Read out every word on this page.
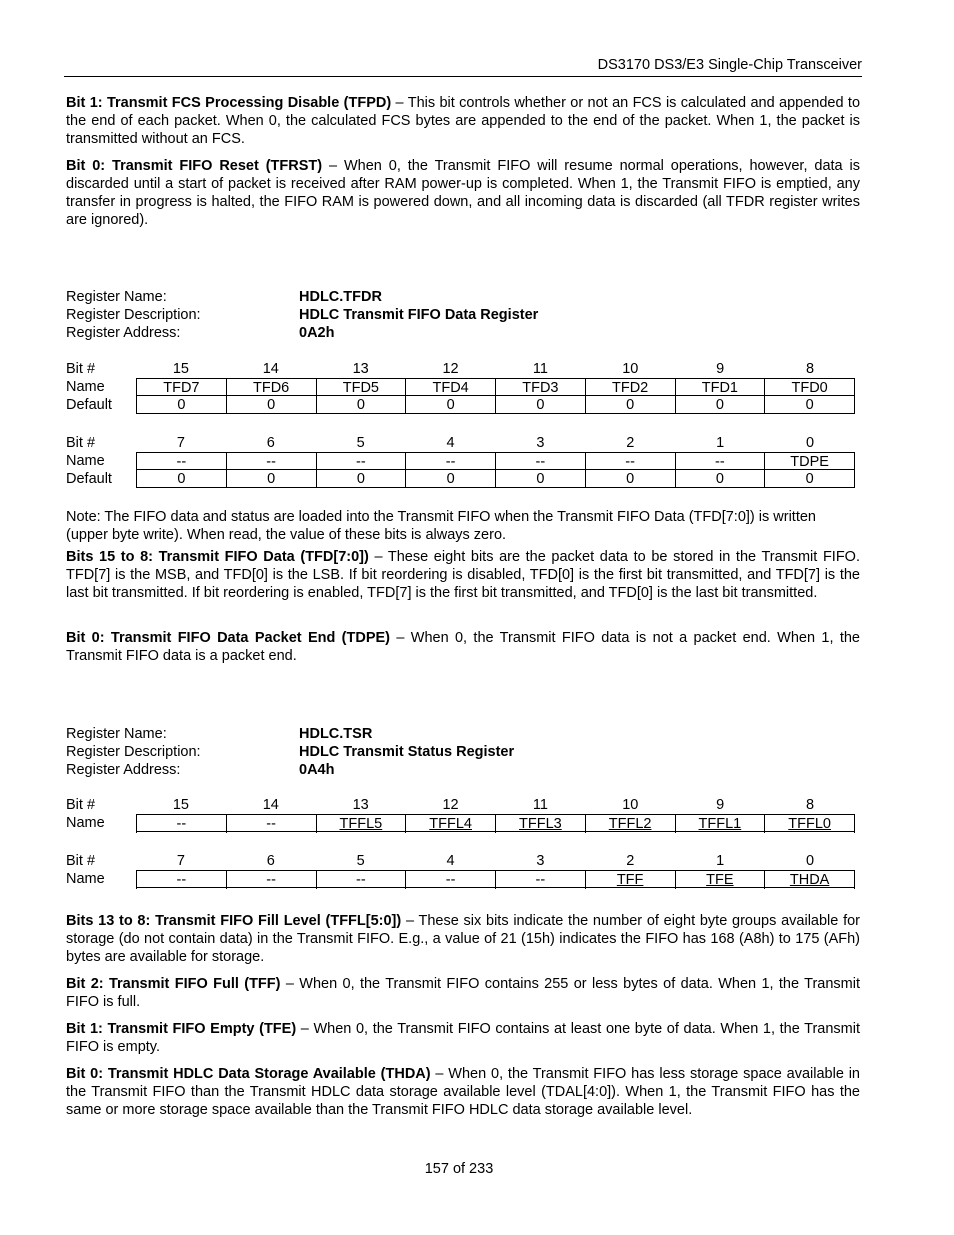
DS3170 DS3/E3 Single-Chip Transceiver

Bit 1: Transmit FCS Processing Disable (TFPD) – This bit controls whether or not an FCS is calculated and appended to the end of each packet. When 0, the calculated FCS bytes are appended to the end of the packet. When 1, the packet is transmitted without an FCS.

Bit 0: Transmit FIFO Reset (TFRST) – When 0, the Transmit FIFO will resume normal operations, however, data is discarded until a start of packet is received after RAM power-up is completed. When 1, the Transmit FIFO is emptied, any transfer in progress is halted, the FIFO RAM is powered down, and all incoming data is discarded (all TFDR register writes are ignored).

Register Name:	HDLC.TFDR
Register Description:	HDLC Transmit FIFO Data Register
Register Address:	0A2h
Bit #	15	14	13	12	11	10	9	8
Name	TFD7	TFD6	TFD5	TFD4	TFD3	TFD2	TFD1	TFD0
Default	0	0	0	0	0	0	0	0
Bit #	7	6	5	4	3	2	1	0
Name	--	--	--	--	--	--	--	TDPE
Default	0	0	0	0	0	0	0	0

Note: The FIFO data and status are loaded into the Transmit FIFO when the Transmit FIFO Data (TFD[7:0]) is written (upper byte write). When read, the value of these bits is always zero.

Bits 15 to 8: Transmit FIFO Data (TFD[7:0]) – These eight bits are the packet data to be stored in the Transmit FIFO. TFD[7] is the MSB, and TFD[0] is the LSB. If bit reordering is disabled, TFD[0] is the first bit transmitted, and TFD[7] is the last bit transmitted. If bit reordering is enabled, TFD[7] is the first bit transmitted, and TFD[0] is the last bit transmitted.

Bit 0: Transmit FIFO Data Packet End (TDPE) – When 0, the Transmit FIFO data is not a packet end. When 1, the Transmit FIFO data is a packet end.

Register Name:	HDLC.TSR
Register Description:	HDLC Transmit Status Register
Register Address:	0A4h
Bit #	15	14	13	12	11	10	9	8
Name	--	--	TFFL5	TFFL4	TFFL3	TFFL2	TFFL1	TFFL0
Bit #	7	6	5	4	3	2	1	0
Name	--	--	--	--	--	TFF	TFE	THDA

Bits 13 to 8: Transmit FIFO Fill Level (TFFL[5:0]) – These six bits indicate the number of eight byte groups available for storage (do not contain data) in the Transmit FIFO. E.g., a value of 21 (15h) indicates the FIFO has 168 (A8h) to 175 (AFh) bytes are available for storage.

Bit 2: Transmit FIFO Full (TFF) – When 0, the Transmit FIFO contains 255 or less bytes of data. When 1, the Transmit FIFO is full.

Bit 1: Transmit FIFO Empty (TFE) – When 0, the Transmit FIFO contains at least one byte of data. When 1, the Transmit FIFO is empty.

Bit 0: Transmit HDLC Data Storage Available (THDA) – When 0, the Transmit FIFO has less storage space available in the Transmit FIFO than the Transmit HDLC data storage available level (TDAL[4:0]). When 1, the Transmit FIFO has the same or more storage space available than the Transmit FIFO HDLC data storage available level.

157 of 233
